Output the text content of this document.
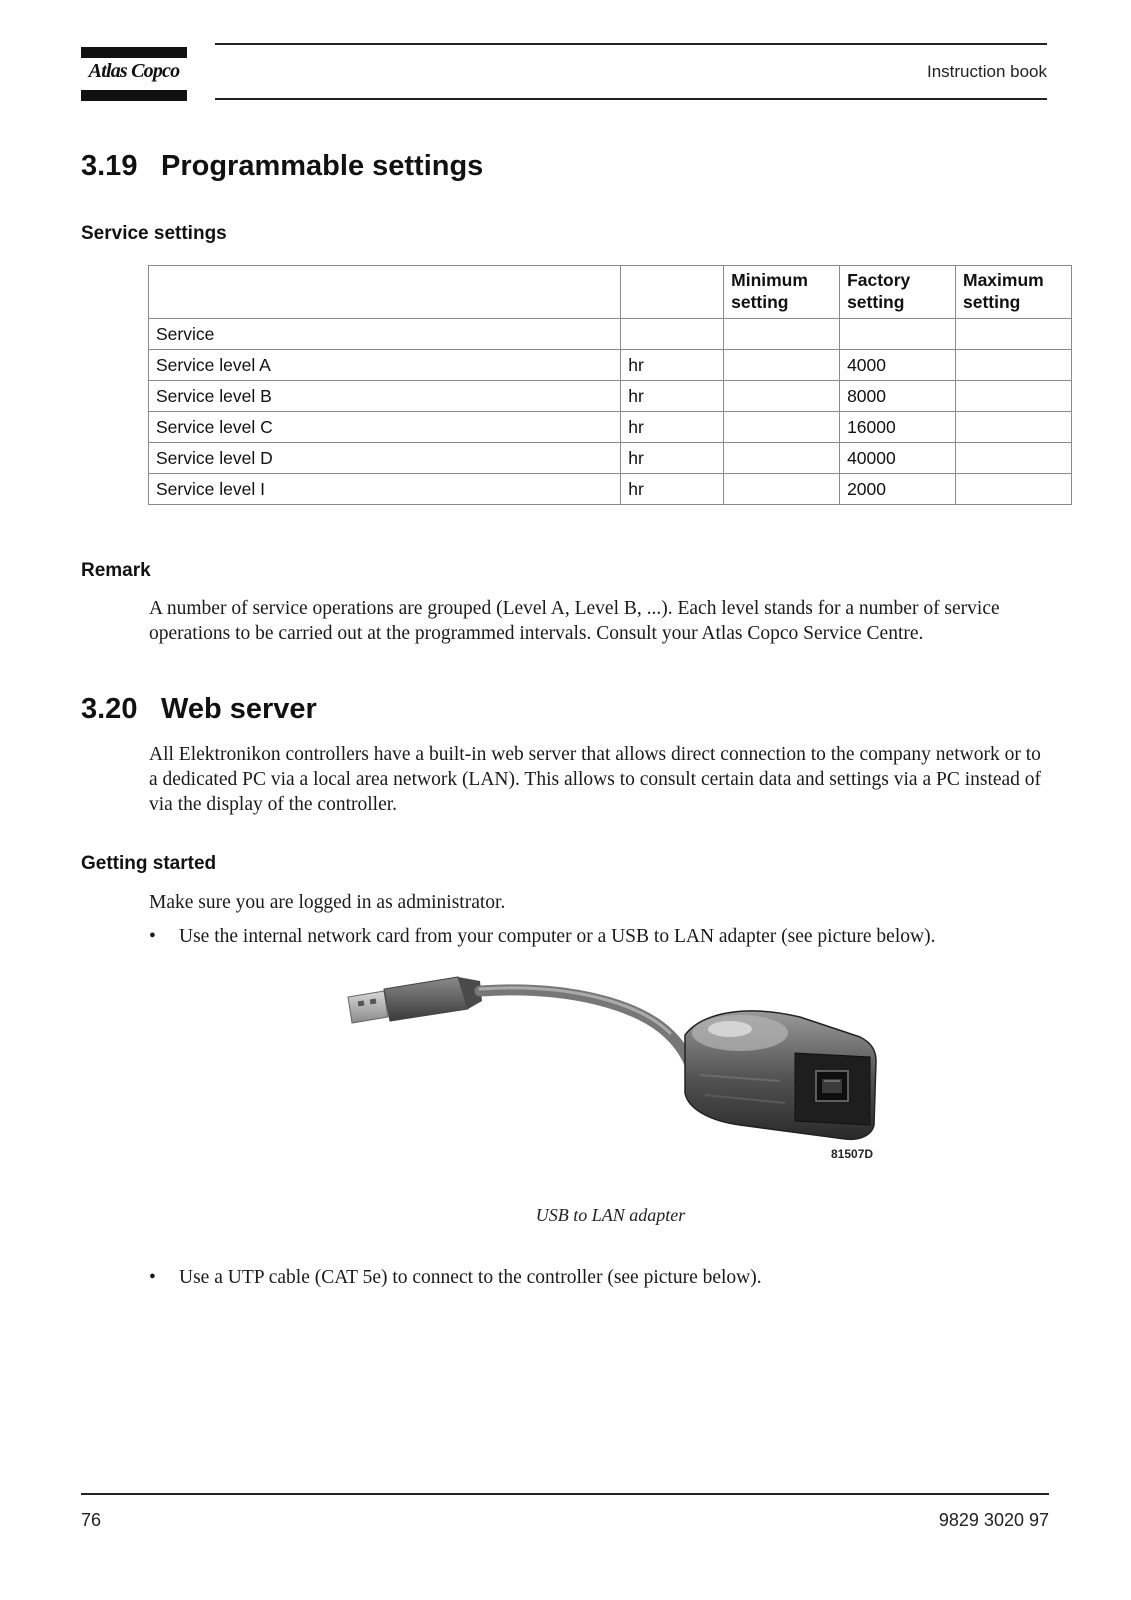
Atlas Copco	Instruction book
3.19 Programmable settings
Service settings
		Minimum setting	Factory setting	Maximum setting
Service				
Service level A	hr		4000	
Service level B	hr		8000	
Service level C	hr		16000	
Service level D	hr		40000	
Service level I	hr		2000	
Remark
A number of service operations are grouped (Level A, Level B, ...). Each level stands for a number of service operations to be carried out at the programmed intervals. Consult your Atlas Copco Service Centre.
3.20 Web server
All Elektronikon controllers have a built-in web server that allows direct connection to the company network or to a dedicated PC via a local area network (LAN). This allows to consult certain data and settings via a PC instead of via the display of the controller.
Getting started
Make sure you are logged in as administrator.
• Use the internal network card from your computer or a USB to LAN adapter (see picture below).
81507D
USB to LAN adapter
• Use a UTP cable (CAT 5e) to connect to the controller (see picture below).
76	9829 3020 97
